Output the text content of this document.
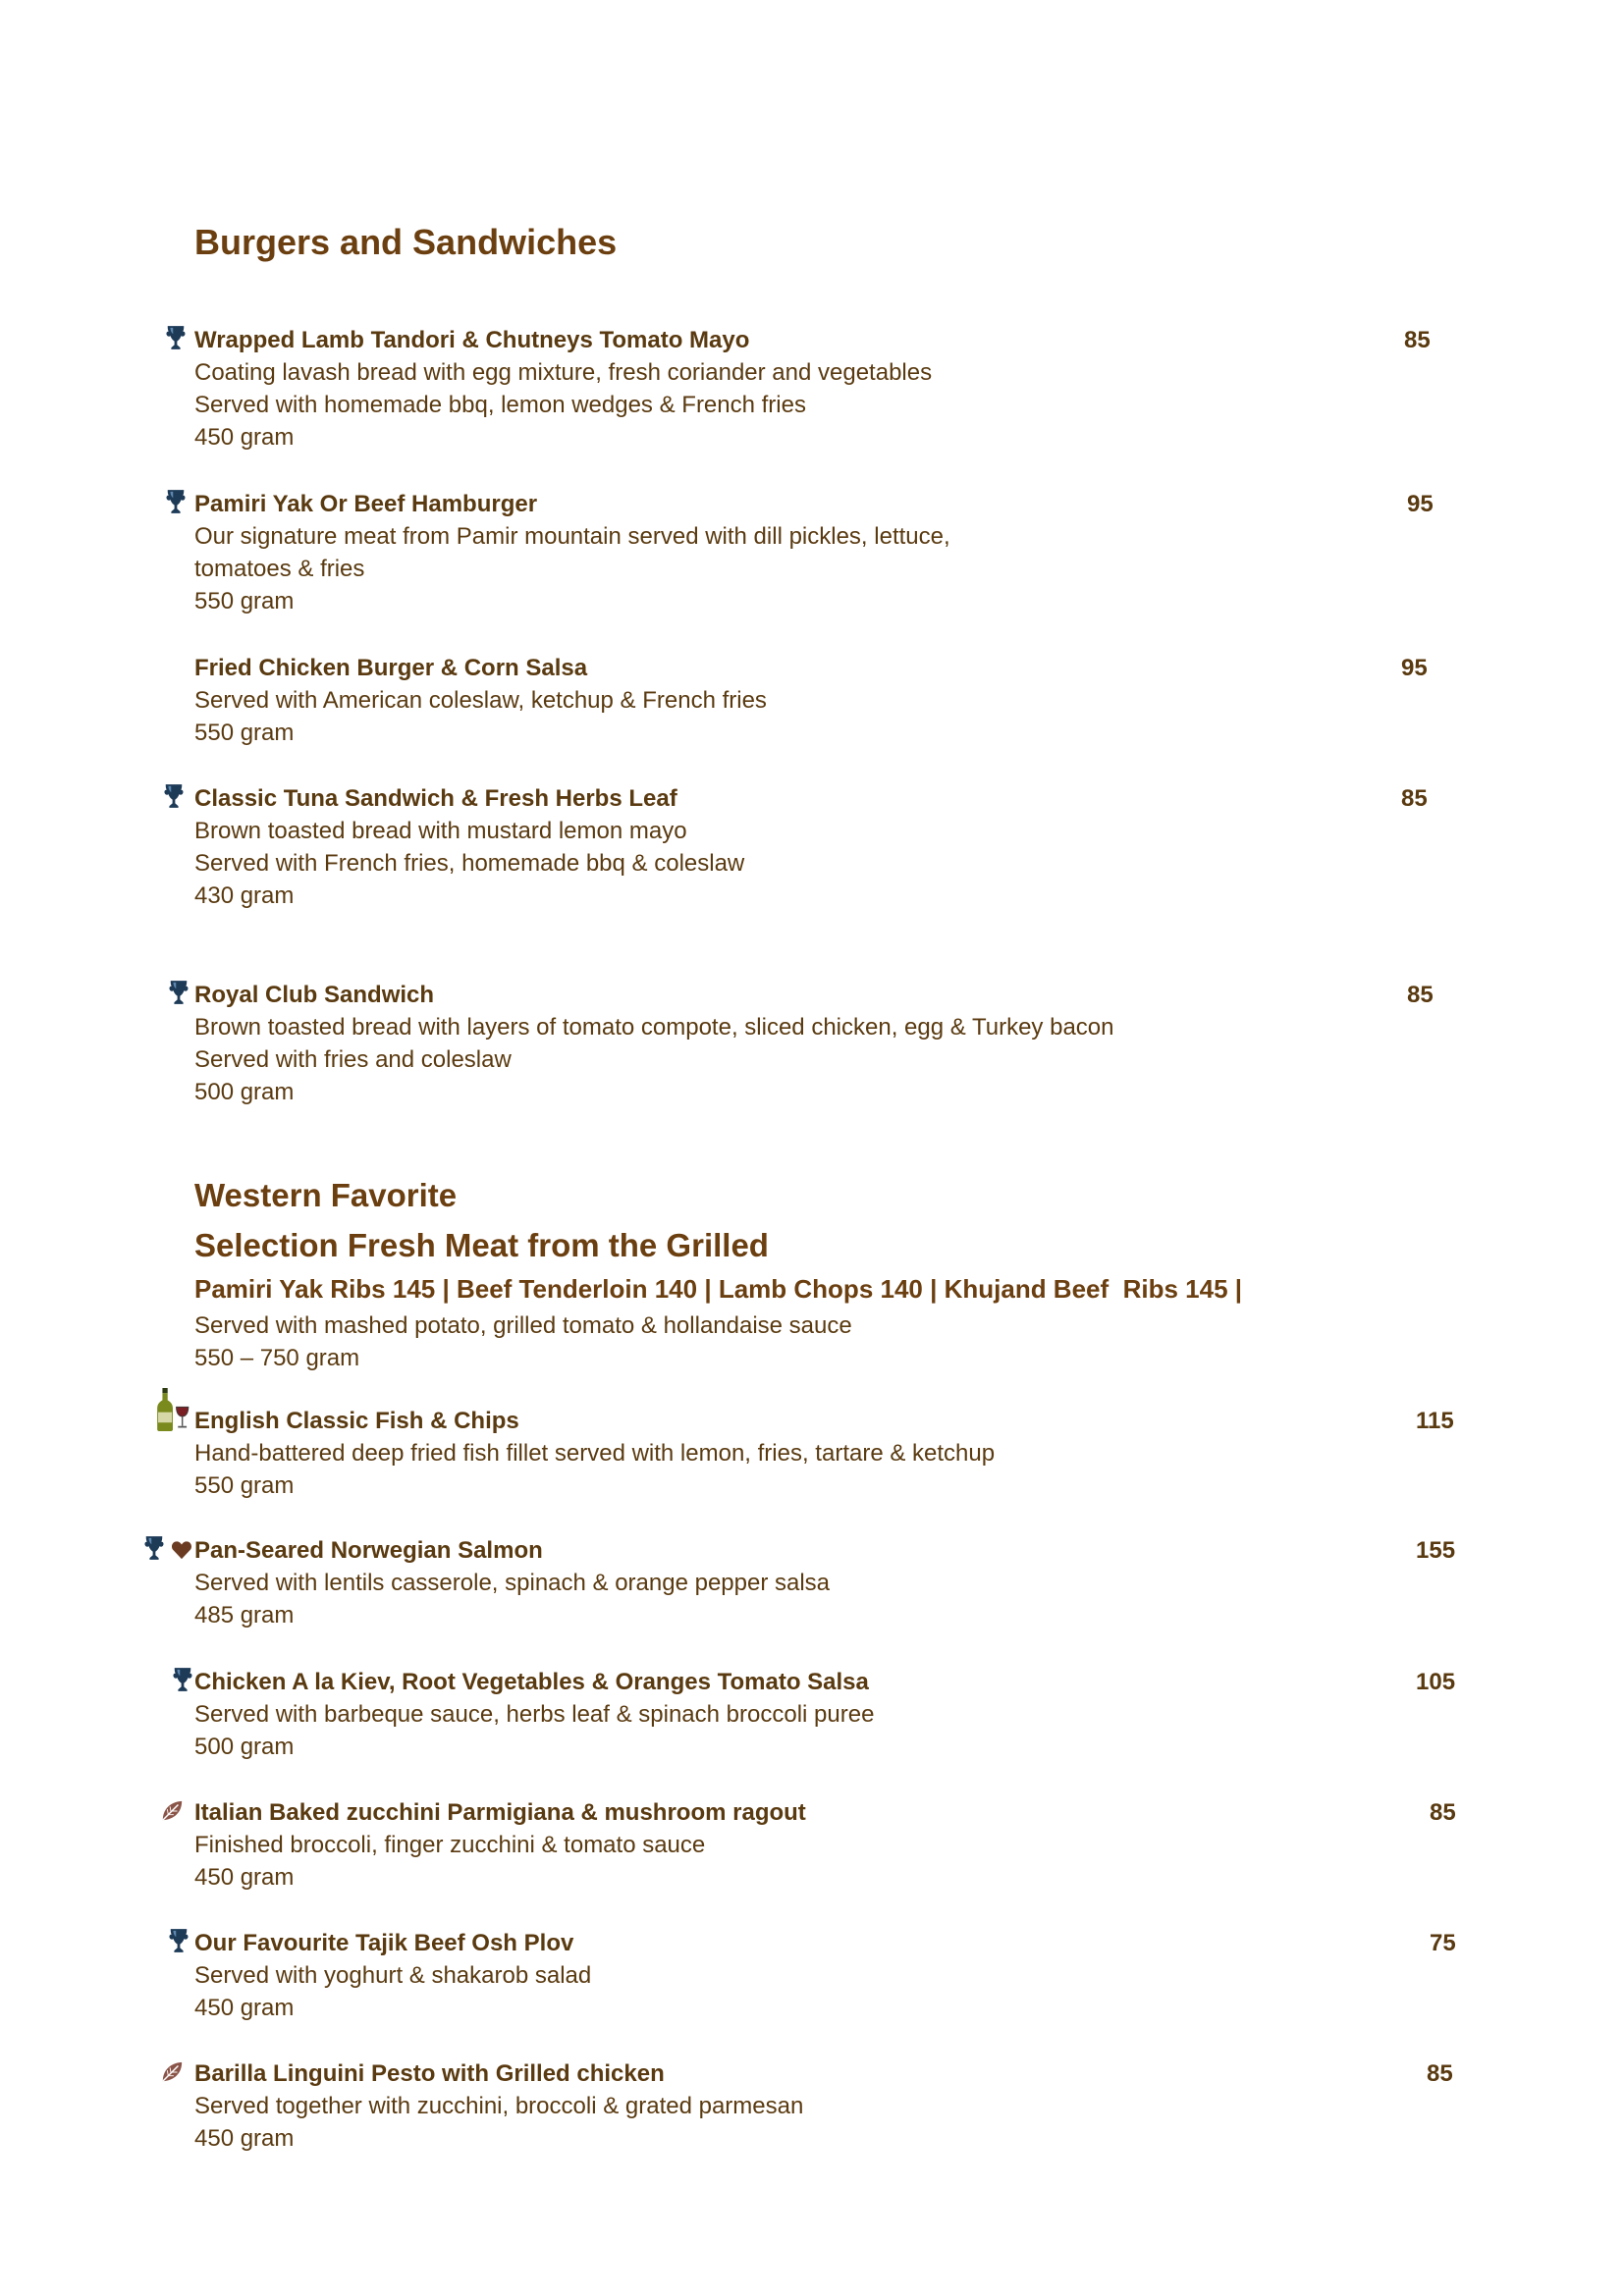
Burgers and Sandwiches
Wrapped Lamb Tandori & Chutneys Tomato Mayo
Coating lavash bread with egg mixture, fresh coriander and vegetables
Served with homemade bbq, lemon wedges & French fries
450 gram
85
Pamiri Yak Or Beef Hamburger
Our signature meat from Pamir mountain served with dill pickles, lettuce,
tomatoes & fries
550 gram
95
Fried Chicken Burger & Corn Salsa
Served with American coleslaw, ketchup & French fries
550 gram
95
Classic Tuna Sandwich & Fresh Herbs Leaf
Brown toasted bread with mustard lemon mayo
Served with French fries, homemade bbq & coleslaw
430 gram
85
Royal Club Sandwich
Brown toasted bread with layers of tomato compote, sliced chicken, egg & Turkey bacon
Served with fries and coleslaw
500 gram
85
Western Favorite
Selection Fresh Meat from the Grilled
Pamiri Yak Ribs 145 | Beef Tenderloin 140 | Lamb Chops 140 | Khujand Beef  Ribs 145 |
Served with mashed potato, grilled tomato & hollandaise sauce
550 – 750 gram
English Classic Fish & Chips
Hand-battered deep fried fish fillet served with lemon, fries, tartare & ketchup
550 gram
115
Pan-Seared Norwegian Salmon
Served with lentils casserole, spinach & orange pepper salsa
485 gram
155
Chicken A la Kiev, Root Vegetables & Oranges Tomato Salsa
Served with barbeque sauce, herbs leaf & spinach broccoli puree
500 gram
105
Italian Baked zucchini Parmigiana & mushroom ragout
Finished broccoli, finger zucchini & tomato sauce
450 gram
85
Our Favourite Tajik Beef Osh Plov
Served with yoghurt & shakarob salad
450 gram
75
Barilla Linguini Pesto with Grilled chicken
Served together with zucchini, broccoli & grated parmesan
450 gram
85
